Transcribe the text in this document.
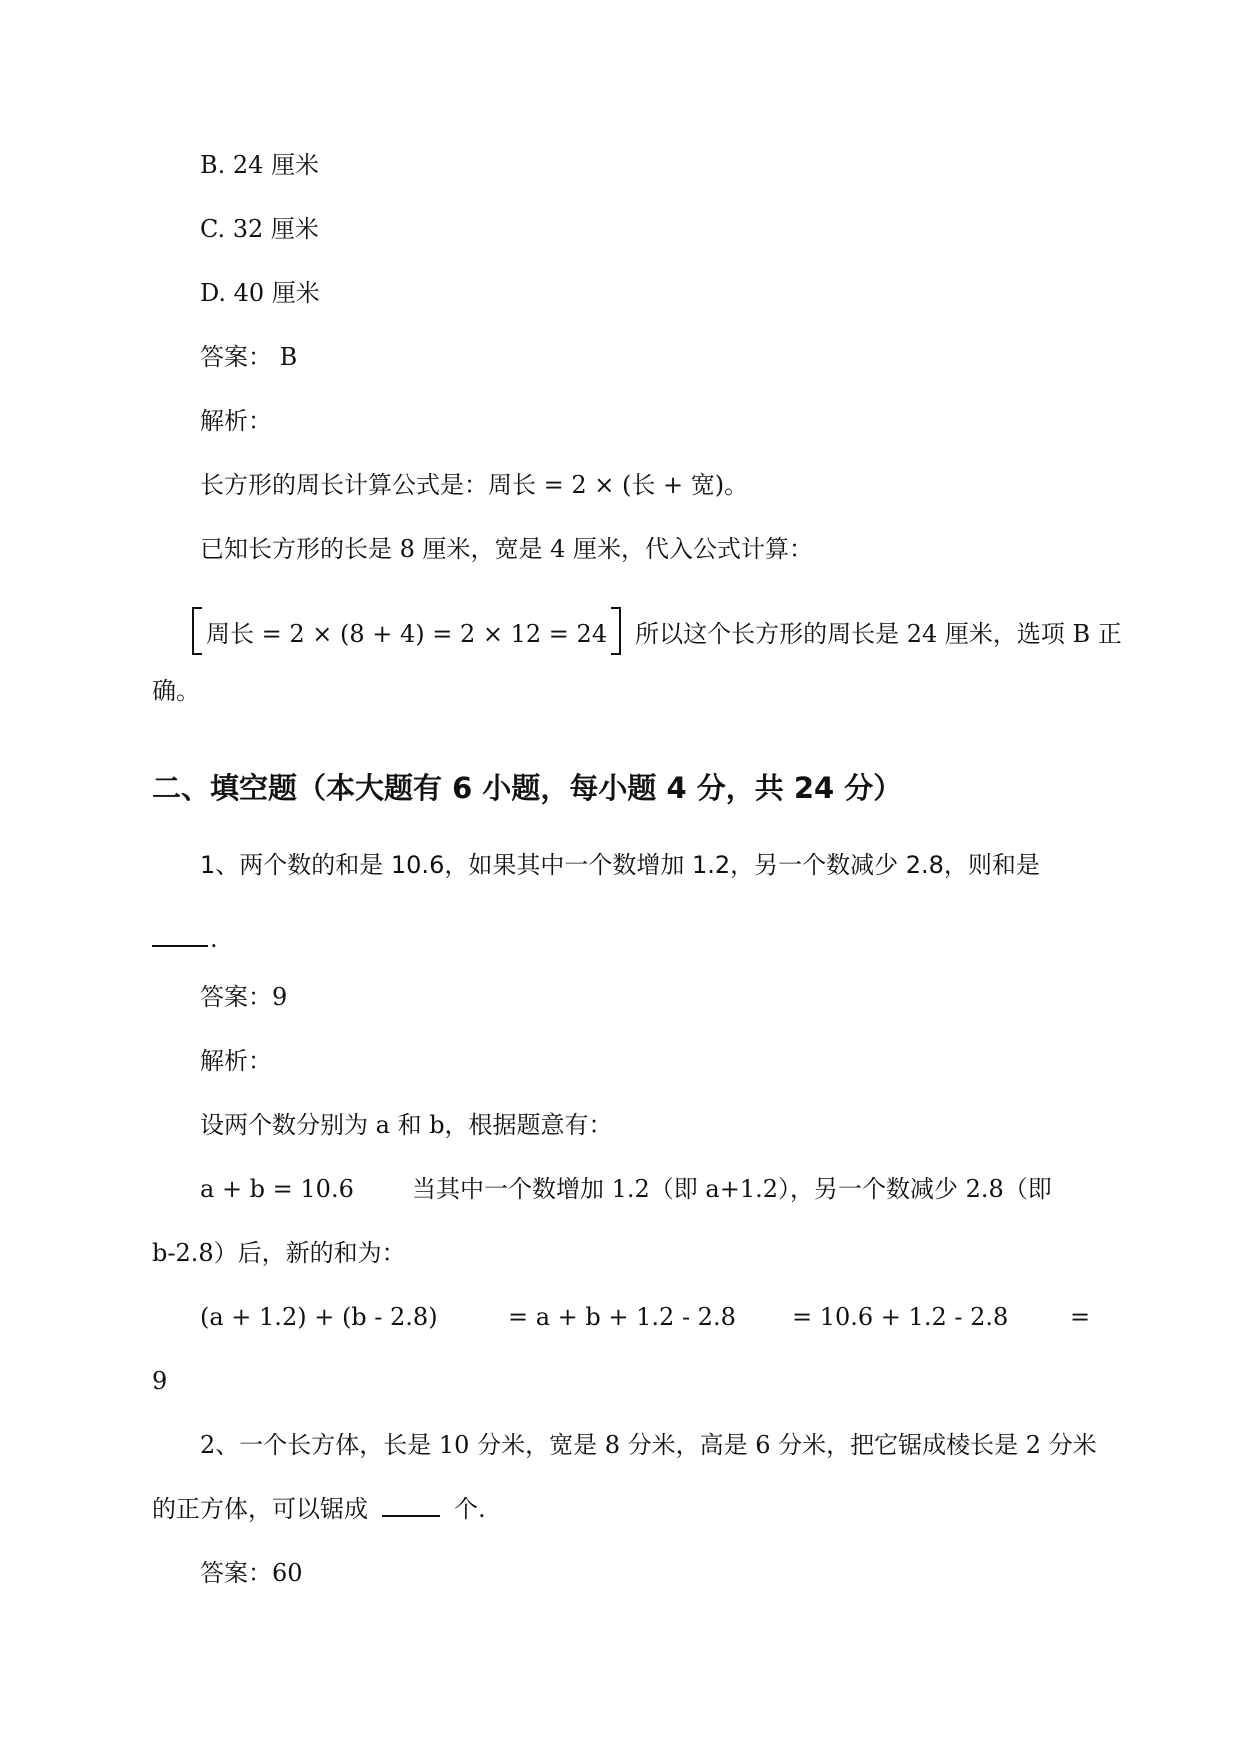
B. 24 厘米
C. 32 厘米
D. 40 厘米
答案： B
解析：
长方形的周长计算公式是：周长 = 2 × (长 + 宽)。
已知长方形的长是 8 厘米，宽是 4 厘米，代入公式计算：
周长 = 2 × (8 + 4) = 2 × 12 = 24 所以这个长方形的周长是 24 厘米，选项 B 正
确。
二、填空题（本大题有 6 小题，每小题 4 分，共 24 分）
1、两个数的和是 10.6，如果其中一个数增加 1.2，另一个数减少 2.8，则和是
.
答案：9
解析：
设两个数分别为 a 和 b，根据题意有：
a + b = 10.6 当其中一个数增加 1.2（即 a+1.2），另一个数减少 2.8（即
b-2.8）后，新的和为：
(a + 1.2) + (b - 2.8)	= a + b + 1.2 - 2.8 = 10.6 + 1.2 - 2.8	=
9
2、一个长方体，长是 10 分米，宽是 8 分米，高是 6 分米，把它锯成棱长是 2 分米
的正方体，可以锯成	个.
答案：60
